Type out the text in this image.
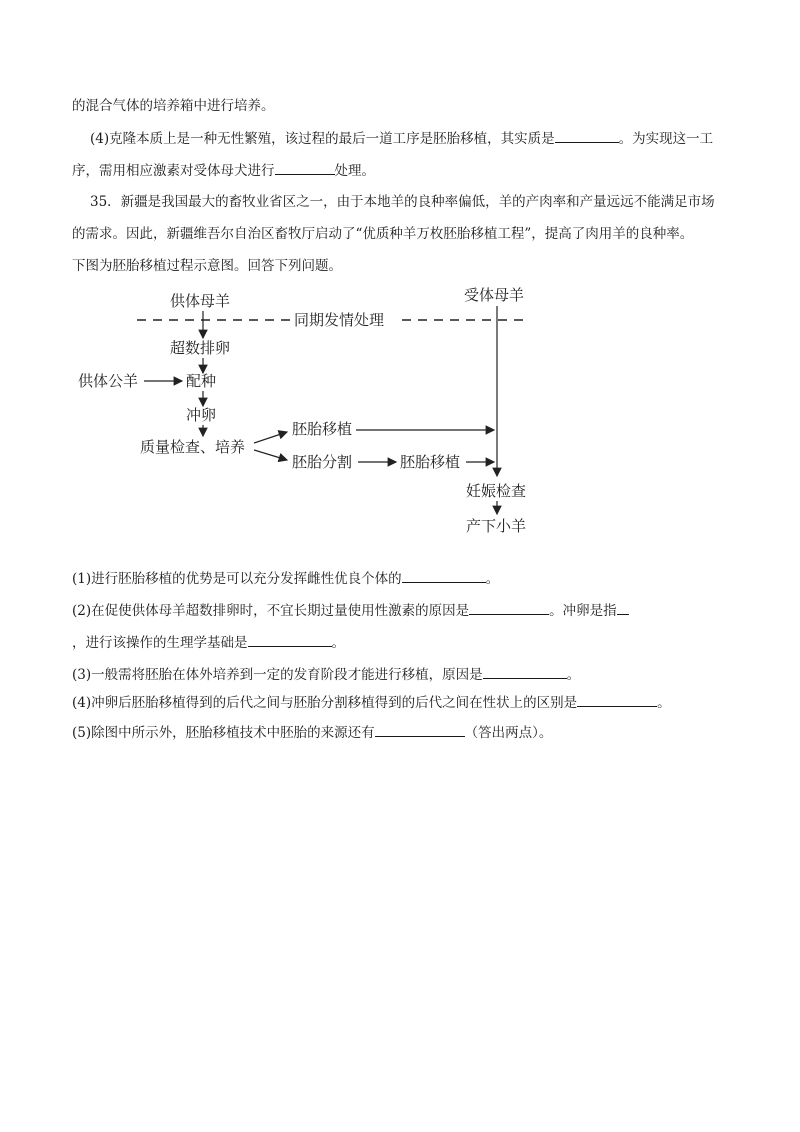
的混合气体的培养箱中进行培养。
(4)克隆本质上是一种无性繁殖，该过程的最后一道工序是胚胎移植，其实质是	。为实现这一工
序，需用相应激素对受体母犬进行	处理。
35．新疆是我国最大的畜牧业省区之一，由于本地羊的良种率偏低，羊的产肉率和产量远远不能满足市场
的需求。因此，新疆维吾尔自治区畜牧厅启动了“优质种羊万枚胚胎移植工程”，提高了肉用羊的良种率。
下图为胚胎移植过程示意图。回答下列问题。
同期发情处理
供体母羊
超数排卵
供体公羊	配种
冲卵
质量检查、培养
胚胎移植
胚胎分割	胚胎移植
受体母羊
妊娠检查
产下小羊
(1)进行胚胎移植的优势是可以充分发挥雌性优良个体的	。
(2)在促使供体母羊超数排卵时，不宜长期过量使用性激素的原因是	。冲卵是指
，进行该操作的生理学基础是	。
(3)一般需将胚胎在体外培养到一定的发育阶段才能进行移植，原因是	。
(4)冲卵后胚胎移植得到的后代之间与胚胎分割移植得到的后代之间在性状上的区别是	。
(5)除图中所示外，胚胎移植技术中胚胎的来源还有	（答出两点）。
